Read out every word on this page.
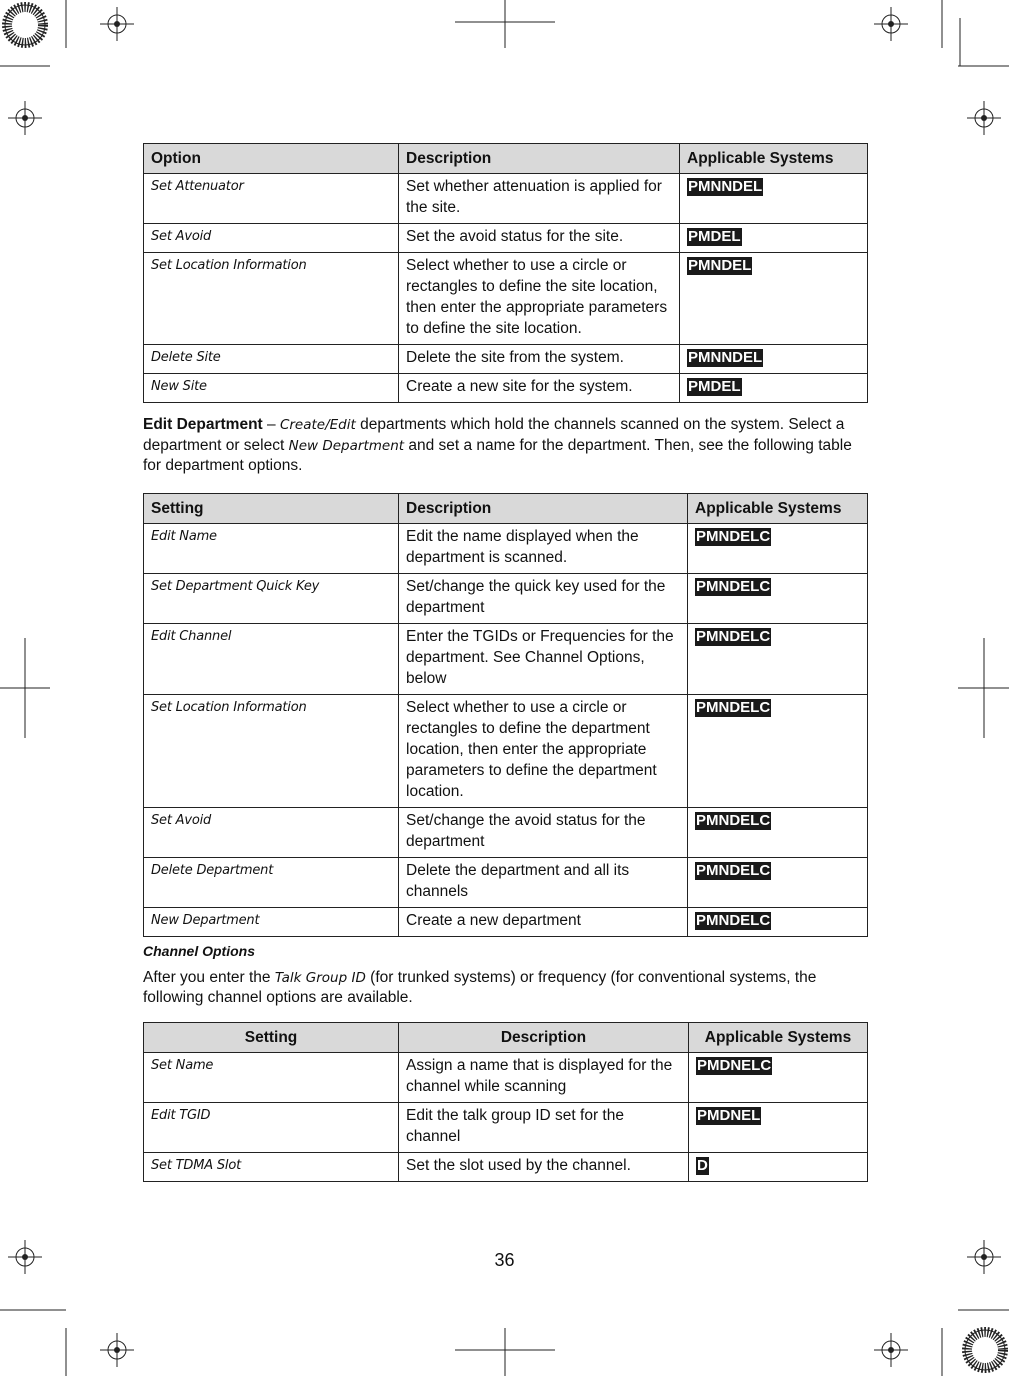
Option	Description	Applicable Systems
Set Attenuator	Set whether attenuation is applied for the site.	PMNNDEL
Set Avoid	Set the avoid status for the site.	PMDEL
Set Location Information	Select whether to use a circle or rectangles to define the site location, then enter the appropriate parameters to define the site location.	PMNDEL
Delete Site	Delete the site from the system.	PMNNDEL
New Site	Create a new site for the system.	PMDEL

Edit Department – Create/Edit departments which hold the channels scanned on the system. Select a department or select New Department and set a name for the department. Then, see the following table for department options.

Setting	Description	Applicable Systems
Edit Name	Edit the name displayed when the department is scanned.	PMNDELC
Set Department Quick Key	Set/change the quick key used for the department	PMNDELC
Edit Channel	Enter the TGIDs or Frequencies for the department. See Channel Options, below	PMNDELC
Set Location Information	Select whether to use a circle or rectangles to define the department location, then enter the appropriate parameters to define the department location.	PMNDELC
Set Avoid	Set/change the avoid status for the department	PMNDELC
Delete Department	Delete the department and all its channels	PMNDELC
New Department	Create a new department	PMNDELC

Channel Options

After you enter the Talk Group ID (for trunked systems) or frequency (for conventional systems, the following channel options are available.

Setting	Description	Applicable Systems
Set Name	Assign a name that is displayed for the channel while scanning	PMDNELC
Edit TGID	Edit the talk group ID set for the channel	PMDNEL
Set TDMA Slot	Set the slot used by the channel.	D
36
